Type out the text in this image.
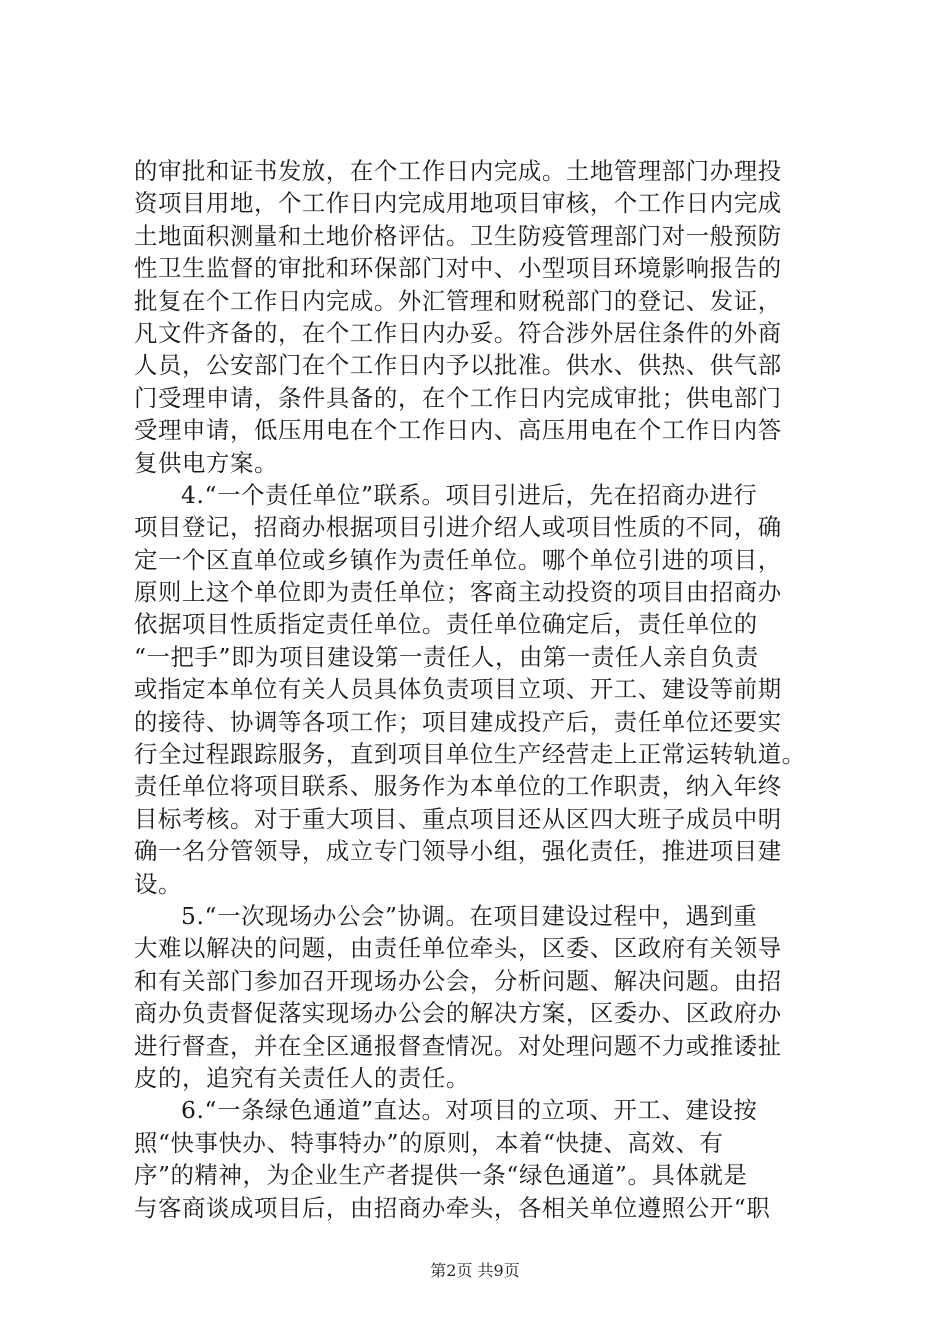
的审批和证书发放，在个工作日内完成。土地管理部门办理投
资项目用地，个工作日内完成用地项目审核，个工作日内完成
土地面积测量和土地价格评估。卫生防疫管理部门对一般预防
性卫生监督的审批和环保部门对中、小型项目环境影响报告的
批复在个工作日内完成。外汇管理和财税部门的登记、发证，
凡文件齐备的，在个工作日内办妥。符合涉外居住条件的外商
人员，公安部门在个工作日内予以批准。供水、供热、供气部
门受理申请，条件具备的，在个工作日内完成审批；供电部门
受理申请，低压用电在个工作日内、高压用电在个工作日内答
复供电方案。
4.“一个责任单位”联系。项目引进后，先在招商办进行
项目登记，招商办根据项目引进介绍人或项目性质的不同，确
定一个区直单位或乡镇作为责任单位。哪个单位引进的项目，
原则上这个单位即为责任单位；客商主动投资的项目由招商办
依据项目性质指定责任单位。责任单位确定后，责任单位的
“一把手”即为项目建设第一责任人，由第一责任人亲自负责
或指定本单位有关人员具体负责项目立项、开工、建设等前期
的接待、协调等各项工作；项目建成投产后，责任单位还要实
行全过程跟踪服务，直到项目单位生产经营走上正常运转轨道。
责任单位将项目联系、服务作为本单位的工作职责，纳入年终
目标考核。对于重大项目、重点项目还从区四大班子成员中明
确一名分管领导，成立专门领导小组，强化责任，推进项目建
设。
5.“一次现场办公会”协调。在项目建设过程中，遇到重
大难以解决的问题，由责任单位牵头，区委、区政府有关领导
和有关部门参加召开现场办公会，分析问题、解决问题。由招
商办负责督促落实现场办公会的解决方案，区委办、区政府办
进行督查，并在全区通报督查情况。对处理问题不力或推诿扯
皮的，追究有关责任人的责任。
6.“一条绿色通道”直达。对项目的立项、开工、建设按
照“快事快办、特事特办”的原则，本着“快捷、高效、有
序”的精神，为企业生产者提供一条“绿色通道”。具体就是
与客商谈成项目后，由招商办牵头，各相关单位遵照公开“职
第2页 共9页
